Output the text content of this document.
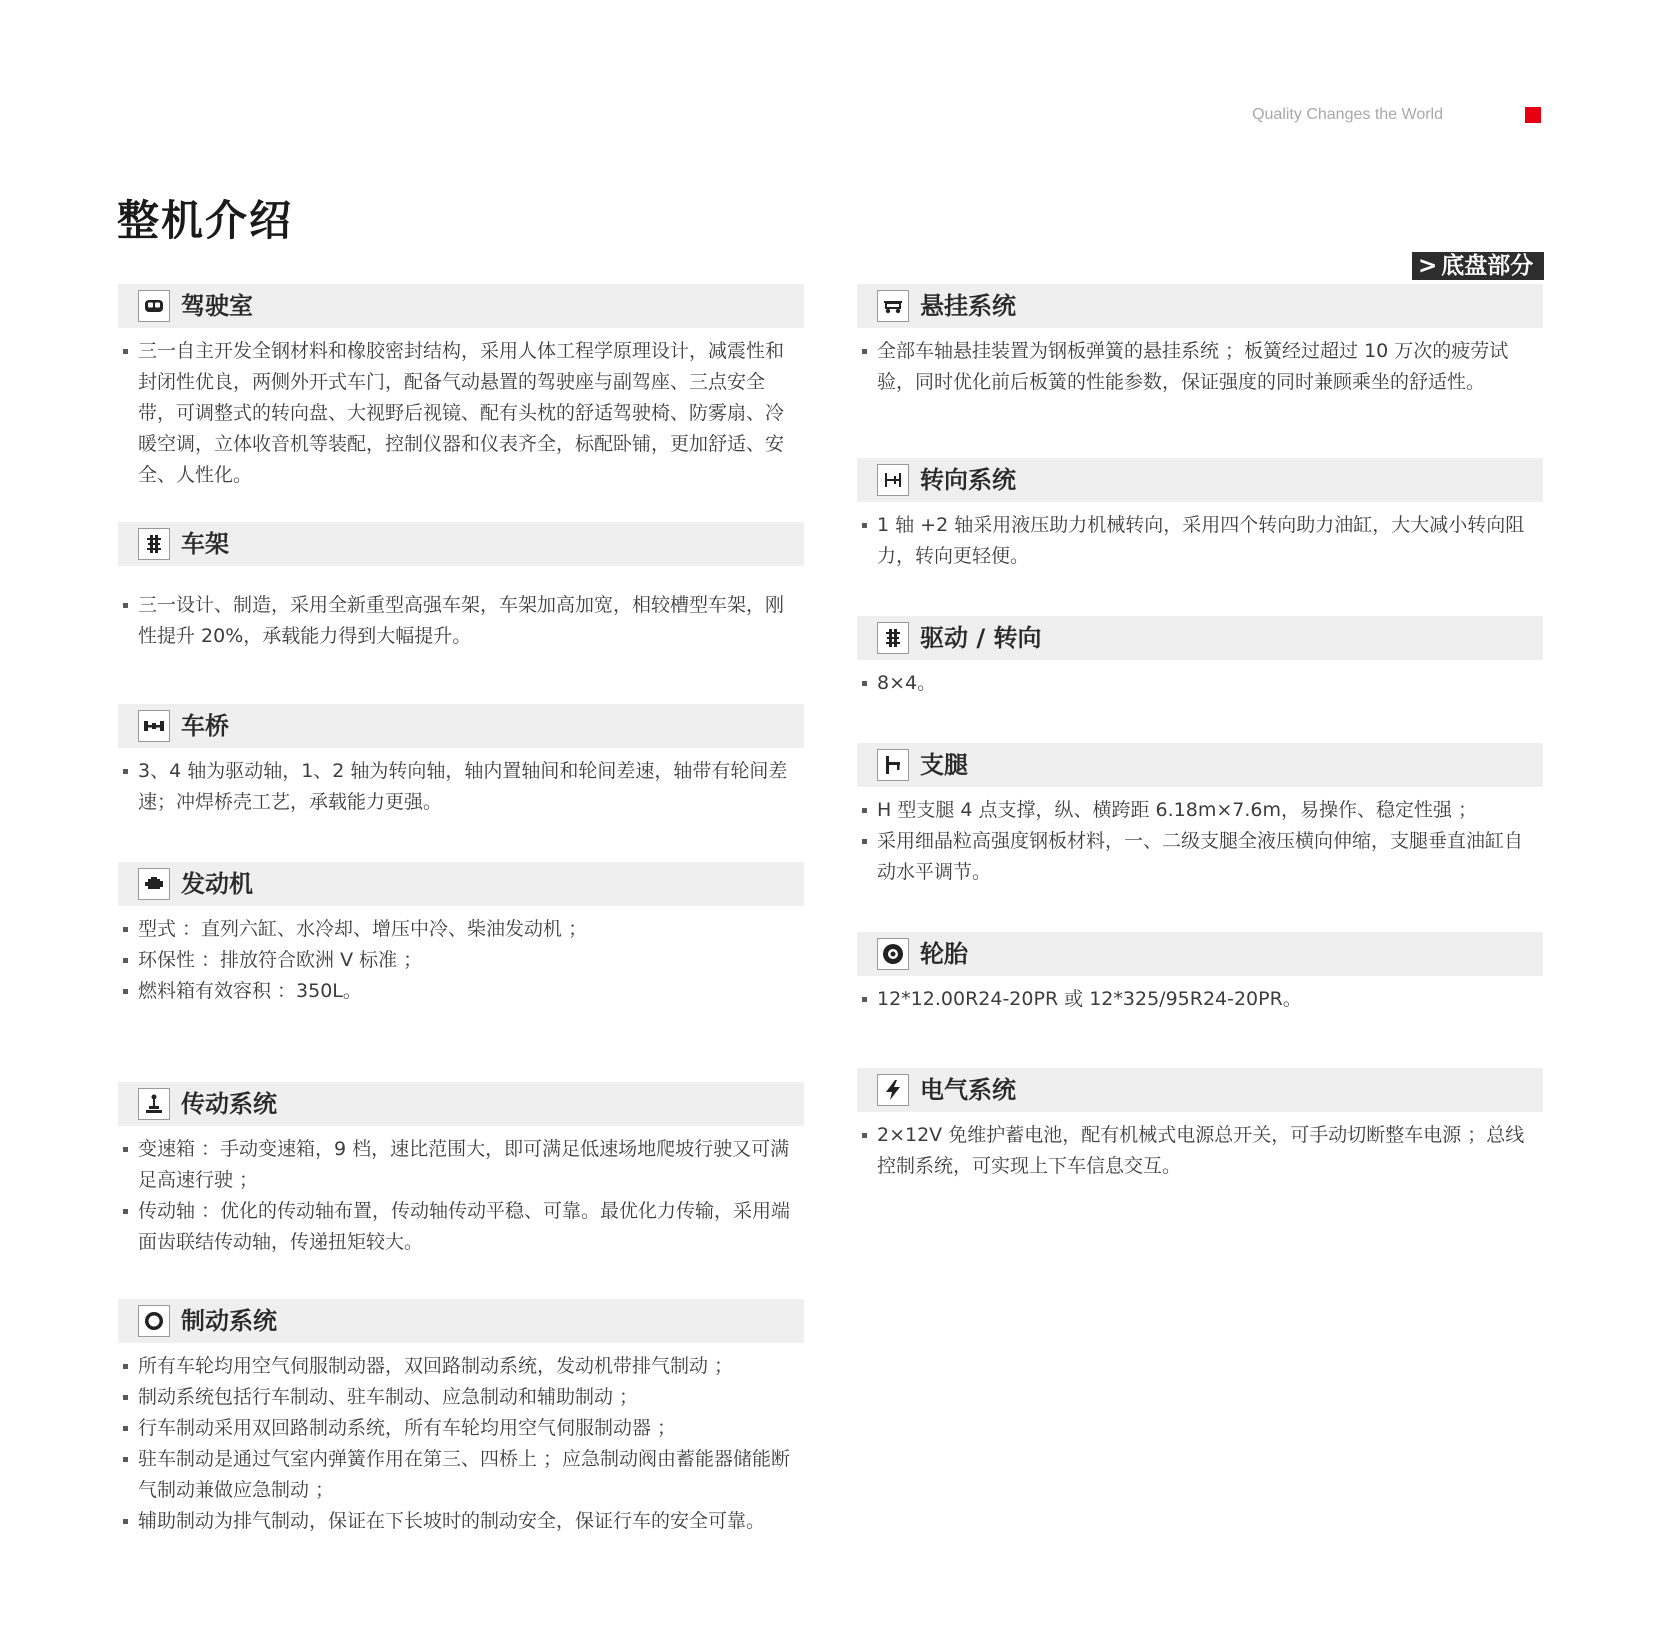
Quality Changes the World
整机介绍
> 底盘部分
驾驶室
三一自主开发全钢材料和橡胶密封结构，采用人体工程学原理设计，减震性和封闭性优良，两侧外开式车门，配备气动悬置的驾驶座与副驾座、三点安全带，可调整式的转向盘、大视野后视镜、配有头枕的舒适驾驶椅、防雾扇、冷暖空调，立体收音机等装配，控制仪器和仪表齐全，标配卧铺，更加舒适、安全、人性化。
车架
三一设计、制造，采用全新重型高强车架，车架加高加宽，相较槽型车架，刚性提升 20%，承载能力得到大幅提升。
车桥
3、4 轴为驱动轴，1、2 轴为转向轴，轴内置轴间和轮间差速，轴带有轮间差速；冲焊桥壳工艺，承载能力更强。
发动机
型式 ：直列六缸、水冷却、增压中冷、柴油发动机 ；
环保性 ：排放符合欧洲 V 标准 ；
燃料箱有效容积 ：350L。
传动系统
变速箱 ：手动变速箱，9 档，速比范围大，即可满足低速场地爬坡行驶又可满足高速行驶 ；
传动轴 ：优化的传动轴布置，传动轴传动平稳、可靠。最优化力传输，采用端面齿联结传动轴，传递扭矩较大。
制动系统
所有车轮均用空气伺服制动器，双回路制动系统，发动机带排气制动 ；
制动系统包括行车制动、驻车制动、应急制动和辅助制动 ；
行车制动采用双回路制动系统，所有车轮均用空气伺服制动器 ；
驻车制动是通过气室内弹簧作用在第三、四桥上 ；应急制动阀由蓄能器储能断气制动兼做应急制动 ；
辅助制动为排气制动，保证在下长坡时的制动安全，保证行车的安全可靠。
悬挂系统
全部车轴悬挂装置为钢板弹簧的悬挂系统 ；板簧经过超过 10 万次的疲劳试验，同时优化前后板簧的性能参数，保证强度的同时兼顾乘坐的舒适性。
转向系统
1 轴 +2 轴采用液压助力机械转向，采用四个转向助力油缸，大大减小转向阻力，转向更轻便。
驱动 / 转向
8×4。
支腿
H 型支腿 4 点支撑，纵、横跨距 6.18m×7.6m，易操作、稳定性强 ；
采用细晶粒高强度钢板材料，一、二级支腿全液压横向伸缩，支腿垂直油缸自动水平调节。
轮胎
12*12.00R24-20PR 或 12*325/95R24-20PR。
电气系统
2×12V 免维护蓄电池，配有机械式电源总开关，可手动切断整车电源 ；总线控制系统，可实现上下车信息交互。
